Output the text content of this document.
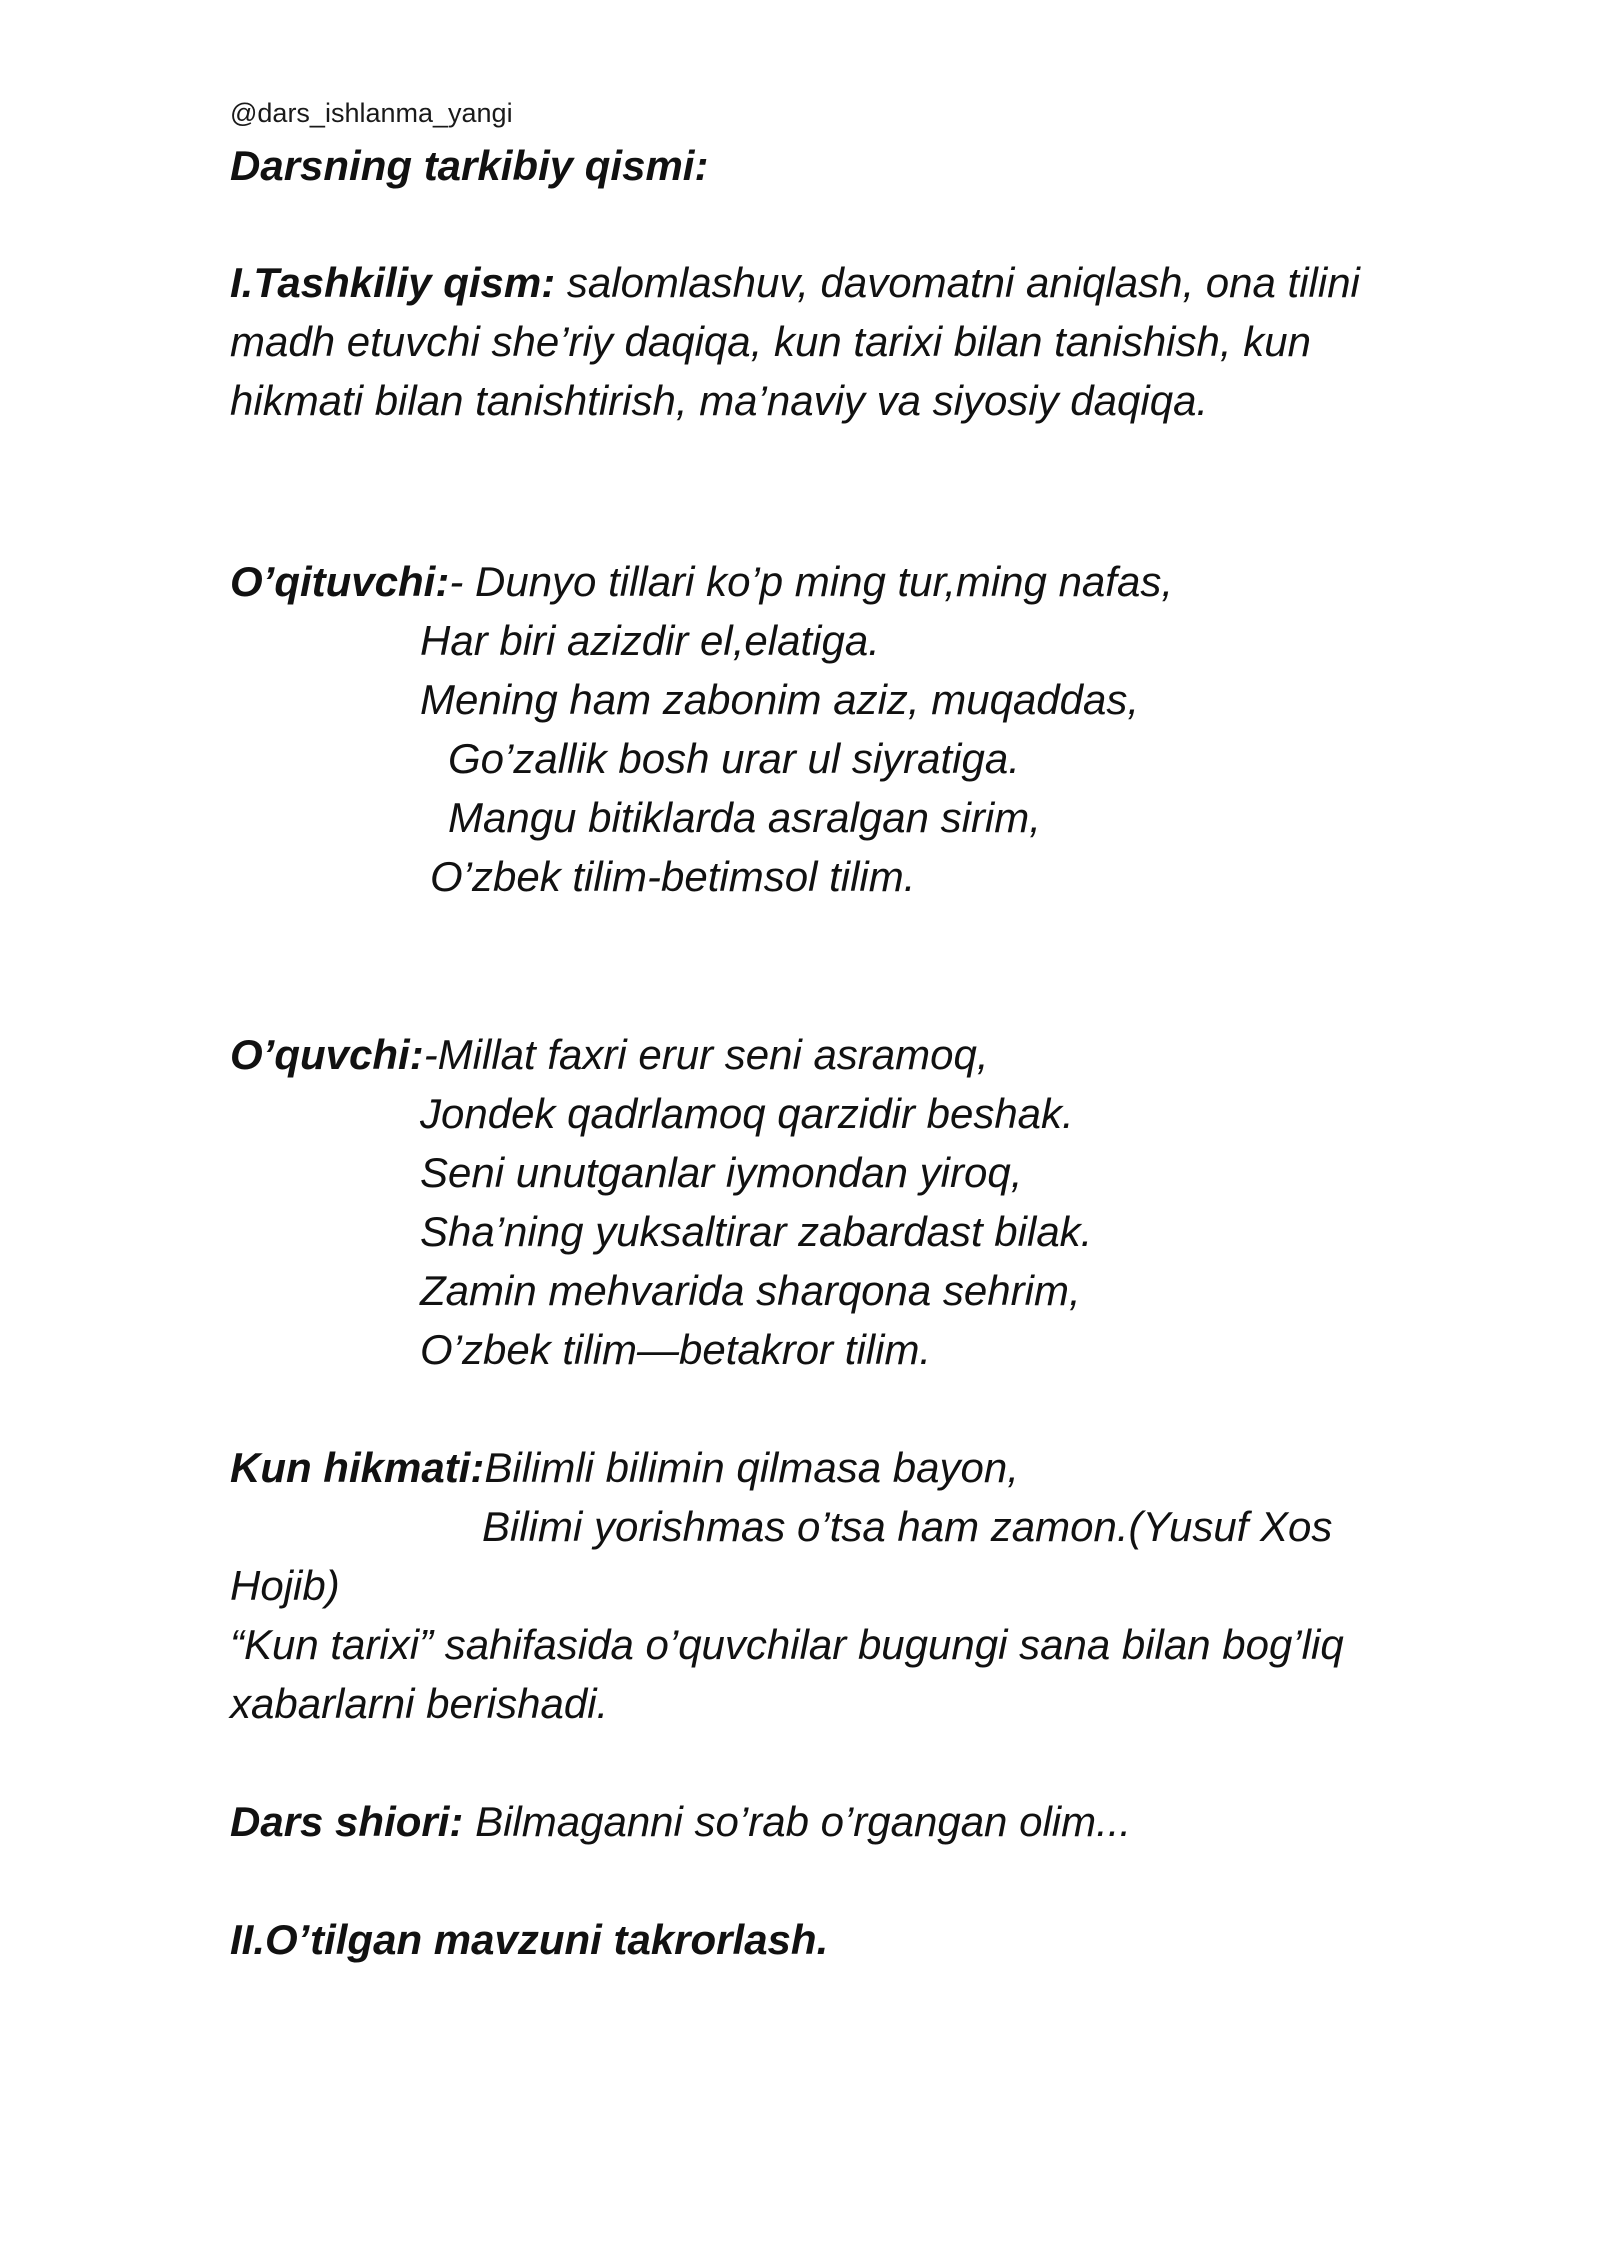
@dars_ishlanma_yangi
Darsning tarkibiy qismi:
I.Tashkiliy qism: salomlashuv, davomatni aniqlash, ona tilini
madh etuvchi she’riy daqiqa, kun tarixi bilan tanishish, kun
hikmati bilan tanishtirish, ma’naviy va siyosiy daqiqa.
O’qituvchi:- Dunyo tillari ko’p ming tur,ming nafas,
Har biri azizdir el,elatiga.
Mening ham zabonim aziz, muqaddas,
Go’zallik bosh urar ul siyratiga.
Mangu bitiklarda asralgan sirim,
O’zbek tilim-betimsol tilim.
O’quvchi:-Millat faxri erur seni asramoq,
Jondek qadrlamoq qarzidir beshak.
Seni unutganlar iymondan yiroq,
Sha’ning yuksaltirar zabardast bilak.
Zamin mehvarida sharqona sehrim,
O’zbek tilim—betakror tilim.
Kun hikmati:Bilimli bilimin qilmasa bayon,
Bilimi yorishmas o’tsa ham zamon.(Yusuf Xos
Hojib)
“Kun tarixi” sahifasida o’quvchilar bugungi sana bilan bog’liq
xabarlarni berishadi.
Dars shiori: Bilmaganni so’rab o’rgangan olim...
II.O’tilgan mavzuni takrorlash.
